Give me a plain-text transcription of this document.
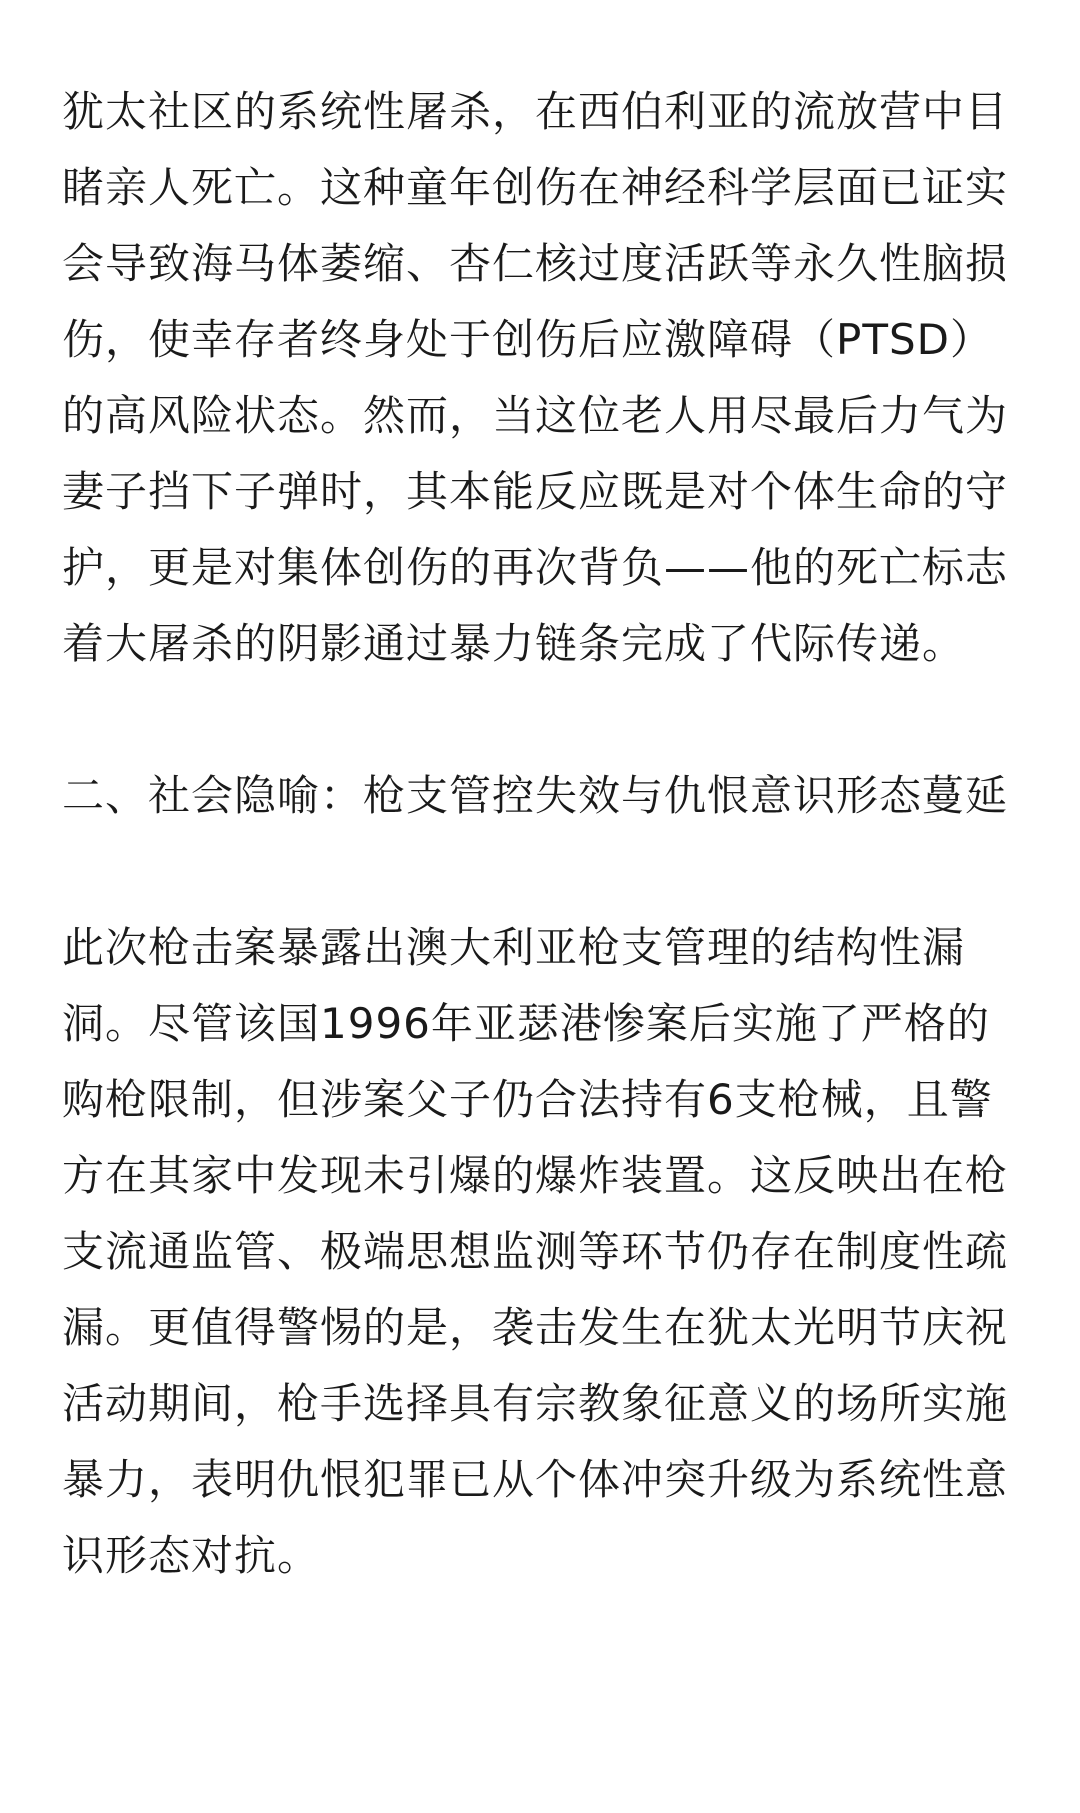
犹太社区的系统性屠杀，在西伯利亚的流放营中目
睹亲人死亡。这种童年创伤在神经科学层面已证实
会导致海马体萎缩、杏仁核过度活跃等永久性脑损
伤，使幸存者终身处于创伤后应激障碍（PTSD）
的高风险状态。然而，当这位老人用尽最后力气为
妻子挡下子弹时，其本能反应既是对个体生命的守
护，更是对集体创伤的再次背负——他的死亡标志
着大屠杀的阴影通过暴力链条完成了代际传递。
二、社会隐喻：枪支管控失效与仇恨意识形态蔓延
此次枪击案暴露出澳大利亚枪支管理的结构性漏
洞。尽管该国1996年亚瑟港惨案后实施了严格的
购枪限制，但涉案父子仍合法持有6支枪械，且警
方在其家中发现未引爆的爆炸装置。这反映出在枪
支流通监管、极端思想监测等环节仍存在制度性疏
漏。更值得警惕的是，袭击发生在犹太光明节庆祝
活动期间，枪手选择具有宗教象征意义的场所实施
暴力，表明仇恨犯罪已从个体冲突升级为系统性意
识形态对抗。
